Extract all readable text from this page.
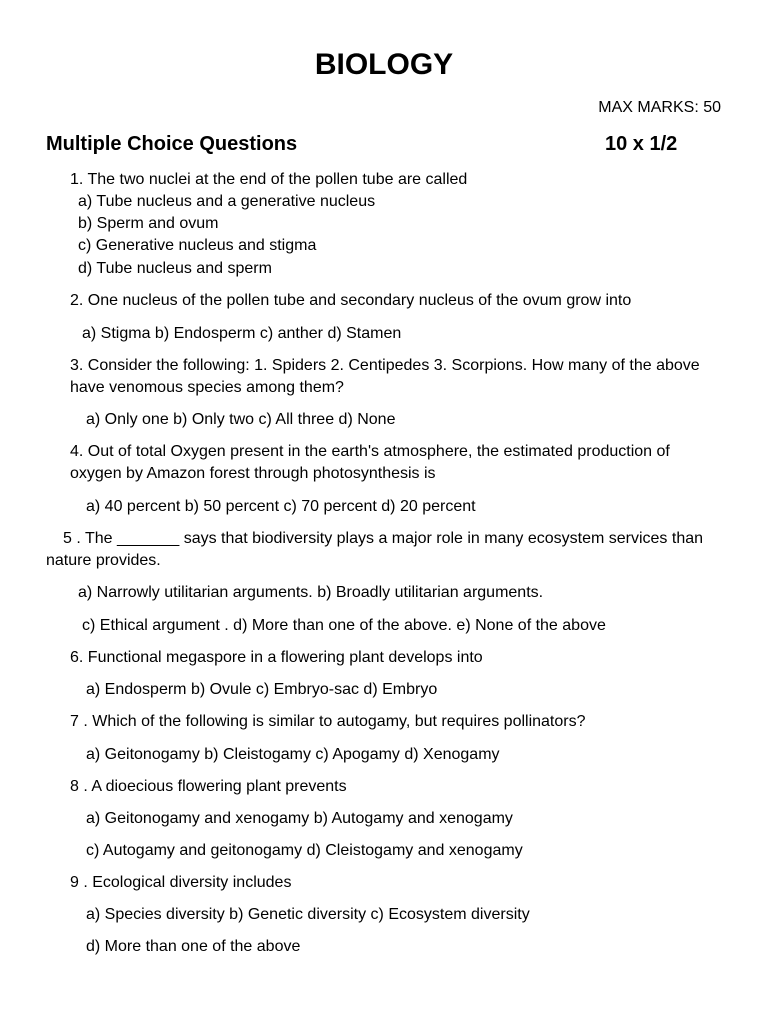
BIOLOGY
MAX MARKS: 50
Multiple Choice Questions	10 x 1/2
1. The two nuclei at the end of the pollen tube are called
a) Tube nucleus and a generative nucleus
b) Sperm and ovum
c) Generative nucleus and stigma
d) Tube nucleus and sperm
2. One nucleus of the pollen tube and secondary nucleus of the ovum grow into
a) Stigma b) Endosperm c) anther d) Stamen
3. Consider the following: 1. Spiders 2. Centipedes 3. Scorpions. How many of the above
have venomous species among them?
a) Only one b) Only two c) All three d) None
4. Out of total Oxygen present in the earth's atmosphere, the estimated production of
oxygen by Amazon forest through photosynthesis is
a) 40 percent b) 50 percent c) 70 percent d) 20 percent
5 . The _______ says that biodiversity plays a major role in many ecosystem services than
nature provides.
a) Narrowly utilitarian arguments. b) Broadly utilitarian arguments.
c) Ethical argument . d) More than one of the above. e) None of the above
6. Functional megaspore in a flowering plant develops into
a) Endosperm b) Ovule c) Embryo-sac d) Embryo
7 . Which of the following is similar to autogamy, but requires pollinators?
a) Geitonogamy b) Cleistogamy c) Apogamy d) Xenogamy
8 . A dioecious flowering plant prevents
a) Geitonogamy and xenogamy b) Autogamy and xenogamy
c) Autogamy and geitonogamy d) Cleistogamy and xenogamy
9 . Ecological diversity includes
a) Species diversity b) Genetic diversity c) Ecosystem diversity
d) More than one of the above
